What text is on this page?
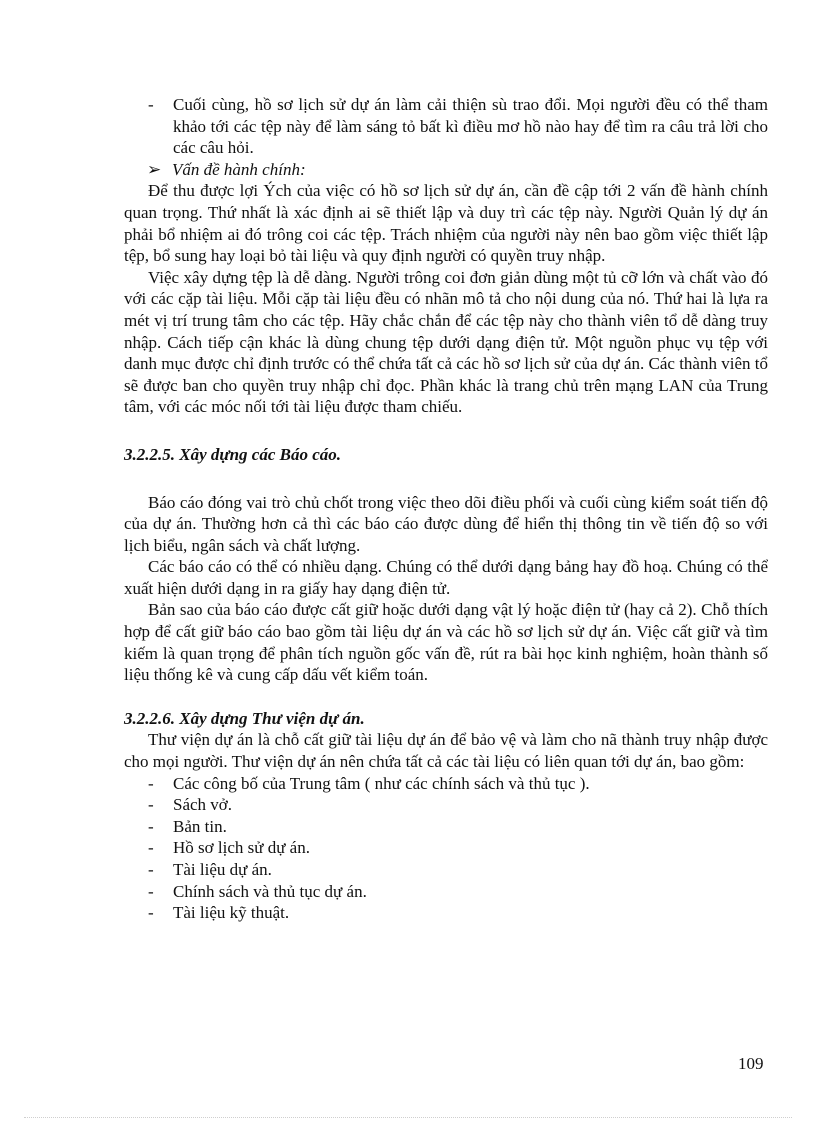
- Cuối cùng, hồ sơ lịch sử dự án làm cải thiện sù trao đổi. Mọi người đều có thể tham khảo tới các tệp này để làm sáng tỏ bất kì điều mơ hồ nào hay để tìm ra câu trả lời cho các câu hỏi.

➢ Vấn đề hành chính:

Để thu được lợi Ých của việc có hồ sơ lịch sử dự án, cần đề cập tới 2 vấn đề hành chính quan trọng. Thứ nhất là xác định ai sẽ thiết lập và duy trì các tệp này. Người Quản lý dự án phải bổ nhiệm ai đó trông coi các tệp. Trách nhiệm của người này nên bao gồm việc thiết lập tệp, bổ sung hay loại bỏ tài liệu và quy định người có quyền truy nhập.

Việc xây dựng tệp là dễ dàng. Người trông coi đơn giản dùng một tủ cỡ lớn và chất vào đó với các cặp tài liệu. Mỗi cặp tài liệu đều có nhãn mô tả cho nội dung của nó. Thứ hai là lựa ra mét vị trí trung tâm cho các tệp. Hãy chắc chắn để các tệp này cho thành viên tổ dễ dàng truy nhập. Cách tiếp cận khác là dùng chung tệp dưới dạng điện tử. Một nguồn phục vụ tệp với danh mục được chỉ định trước có thể chứa tất cả các hồ sơ lịch sử của dự án. Các thành viên tổ sẽ được ban cho quyền truy nhập chỉ đọc. Phần khác là trang chủ trên mạng LAN của Trung tâm, với các móc nối tới tài liệu được tham chiếu.

3.2.2.5. Xây dựng các Báo cáo.

Báo cáo đóng vai trò chủ chốt trong việc theo dõi điều phối và cuối cùng kiểm soát tiến độ của dự án. Thường hơn cả thì các báo cáo được dùng để hiển thị thông tin về tiến độ so với lịch biểu, ngân sách và chất lượng.

Các báo cáo có thể có nhiều dạng. Chúng có thể dưới dạng bảng hay đồ hoạ. Chúng có thể xuất hiện dưới dạng in ra giấy hay dạng điện tử.

Bản sao của báo cáo được cất giữ hoặc dưới dạng vật lý hoặc điện tử (hay cả 2). Chỗ thích hợp để cất giữ báo cáo bao gồm tài liệu dự án và các hồ sơ lịch sử dự án. Việc cất giữ và tìm kiếm là quan trọng để phân tích nguồn gốc vấn đề, rút ra bài học kinh nghiệm, hoàn thành số liệu thống kê và cung cấp dấu vết kiểm toán.

3.2.2.6. Xây dựng Thư viện dự án.

Thư viện dự án là chỗ cất giữ tài liệu dự án để bảo vệ và làm cho nã thành truy nhập được cho mọi người. Thư viện dự án nên chứa tất cả các tài liệu có liên quan tới dự án, bao gồm:

- Các công bố của Trung tâm ( như các chính sách và thủ tục ).

- Sách vở.

- Bản tin.

- Hồ sơ lịch sử dự án.

- Tài liệu dự án.

- Chính sách và thủ tục dự án.

- Tài liệu kỹ thuật.

109
